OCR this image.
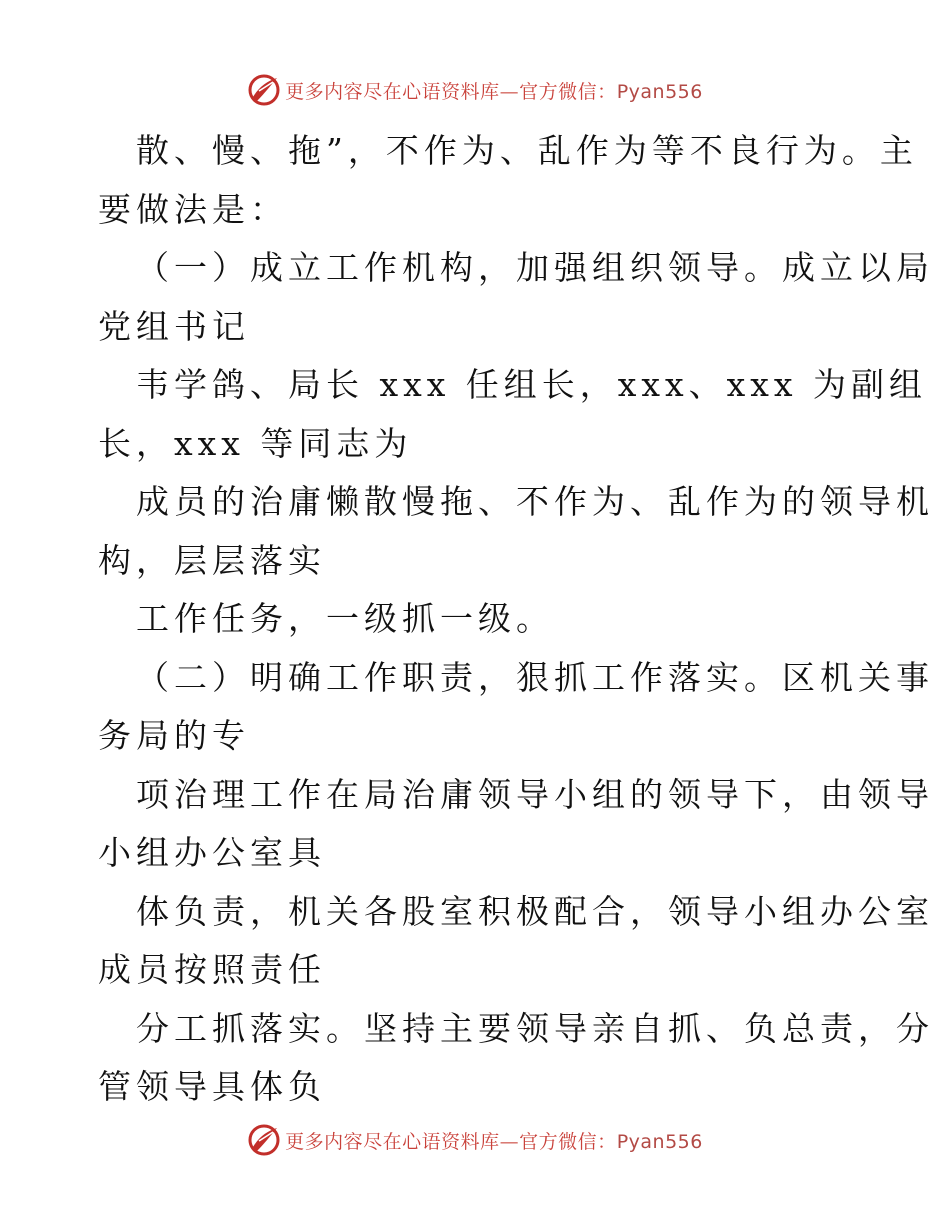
更多内容尽在心语资料库—官方微信：Pyan556
散、慢、拖”，不作为、乱作为等不良行为。主
要做法是：
（一）成立工作机构，加强组织领导。成立以局
党组书记
韦学鸽、局长 xxx 任组长，xxx、xxx 为副组
长，xxx 等同志为
成员的治庸懒散慢拖、不作为、乱作为的领导机
构，层层落实
工作任务，一级抓一级。
（二）明确工作职责，狠抓工作落实。区机关事
务局的专
项治理工作在局治庸领导小组的领导下，由领导
小组办公室具
体负责，机关各股室积极配合，领导小组办公室
成员按照责任
分工抓落实。坚持主要领导亲自抓、负总责，分
管领导具体负
更多内容尽在心语资料库—官方微信：Pyan556
